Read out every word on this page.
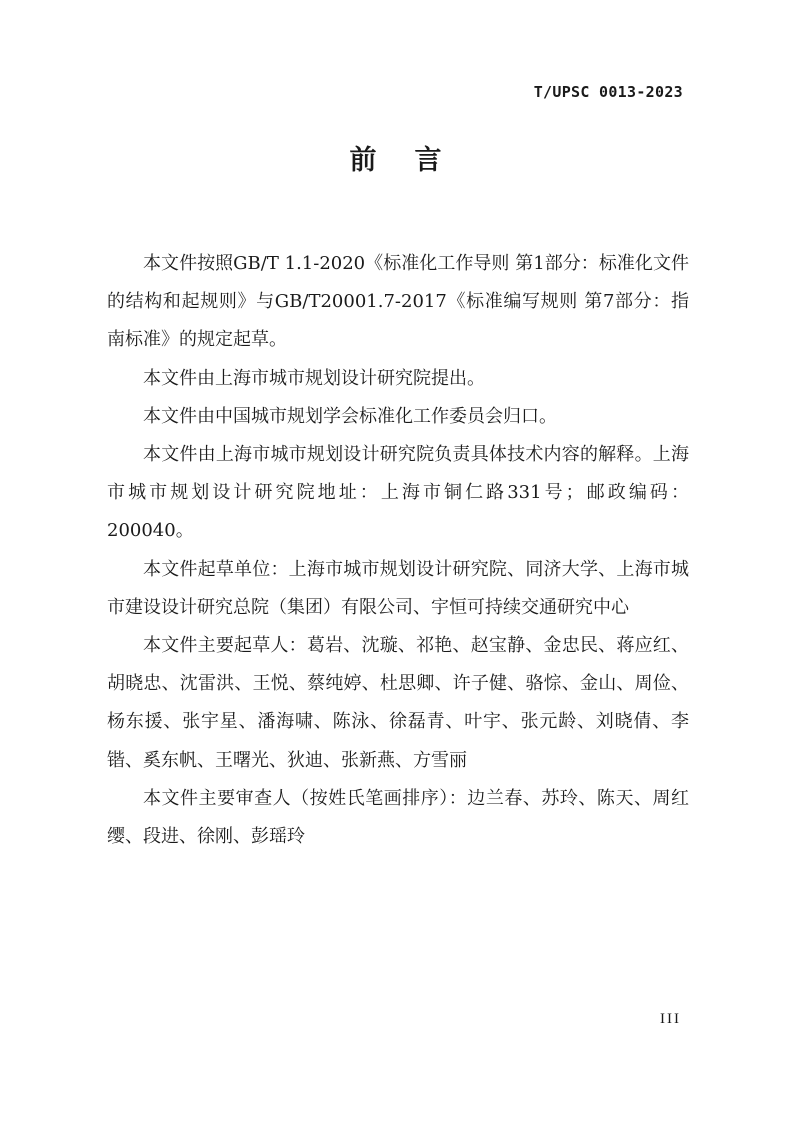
T/UPSC 0013-2023
前言

本文件按照GB/T 1.1-2020《标准化工作导则 第1部分：标准化文件的结构和起规则》与GB/T20001.7-2017《标准编写规则 第7部分：指南标准》的规定起草。

本文件由上海市城市规划设计研究院提出。

本文件由中国城市规划学会标准化工作委员会归口。

本文件由上海市城市规划设计研究院负责具体技术内容的解释。上海市城市规划设计研究院地址：上海市铜仁路331号；邮政编码：200040。

本文件起草单位：上海市城市规划设计研究院、同济大学、上海市城市建设设计研究总院（集团）有限公司、宇恒可持续交通研究中心

本文件主要起草人：葛岩、沈璇、祁艳、赵宝静、金忠民、蒋应红、胡晓忠、沈雷洪、王悦、蔡纯婷、杜思卿、许子健、骆悰、金山、周俭、杨东援、张宇星、潘海啸、陈泳、徐磊青、叶宇、张元龄、刘晓倩、李锴、奚东帆、王曙光、狄迪、张新燕、方雪丽

本文件主要审查人（按姓氏笔画排序）：边兰春、苏玲、陈天、周红缨、段进、徐刚、彭瑶玲

III
